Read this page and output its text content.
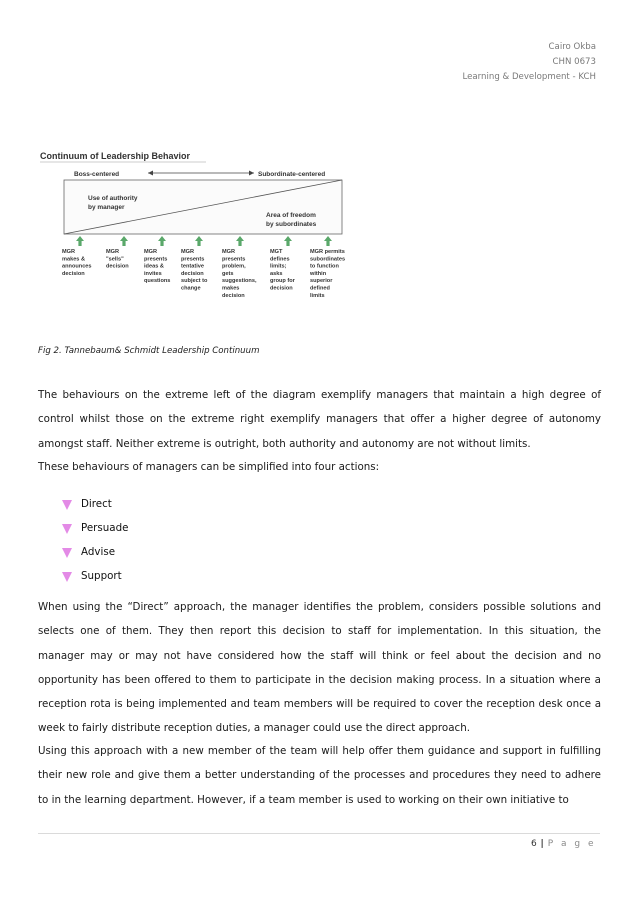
Cairo Okba
CHN 0673
Learning & Development - KCH
Continuum of Leadership Behavior
Boss-centered	Subordinate-centered
Use of authority
by manager
Area of freedom
by subordinates
MGR
makes &
announces
decision
MGR
"sells"
decision
MGR
presents
ideas &
invites
questions
MGR
presents
tentative
decision
subject to
change
MGR
presents
problem,
gets
suggestions,
makes
decision
MGT
defines
limits;
asks
group for
decision
MGR permits
subordinates
to function
within
superior
defined
limits
Fig 2. Tannebaum& Schmidt Leadership Continuum

The behaviours on the extreme left of the diagram exemplify managers that maintain a high degree of control whilst those on the extreme right exemplify managers that offer a higher degree of autonomy amongst staff. Neither extreme is outright, both authority and autonomy are not without limits.

These behaviours of managers can be simplified into four actions:

Direct
Persuade
Advise
Support

When using the “Direct” approach, the manager identifies the problem, considers possible solutions and selects one of them. They then report this decision to staff for implementation. In this situation, the manager may or may not have considered how the staff will think or feel about the decision and no opportunity has been offered to them to participate in the decision making process. In a situation where a reception rota is being implemented and team members will be required to cover the reception desk once a week to fairly distribute reception duties, a manager could use the direct approach.

Using this approach with a new member of the team will help offer them guidance and support in fulfilling their new role and give them a better understanding of the processes and procedures they need to adhere to in the learning department. However, if a team member is used to working on their own initiative to

6 | P a g e
